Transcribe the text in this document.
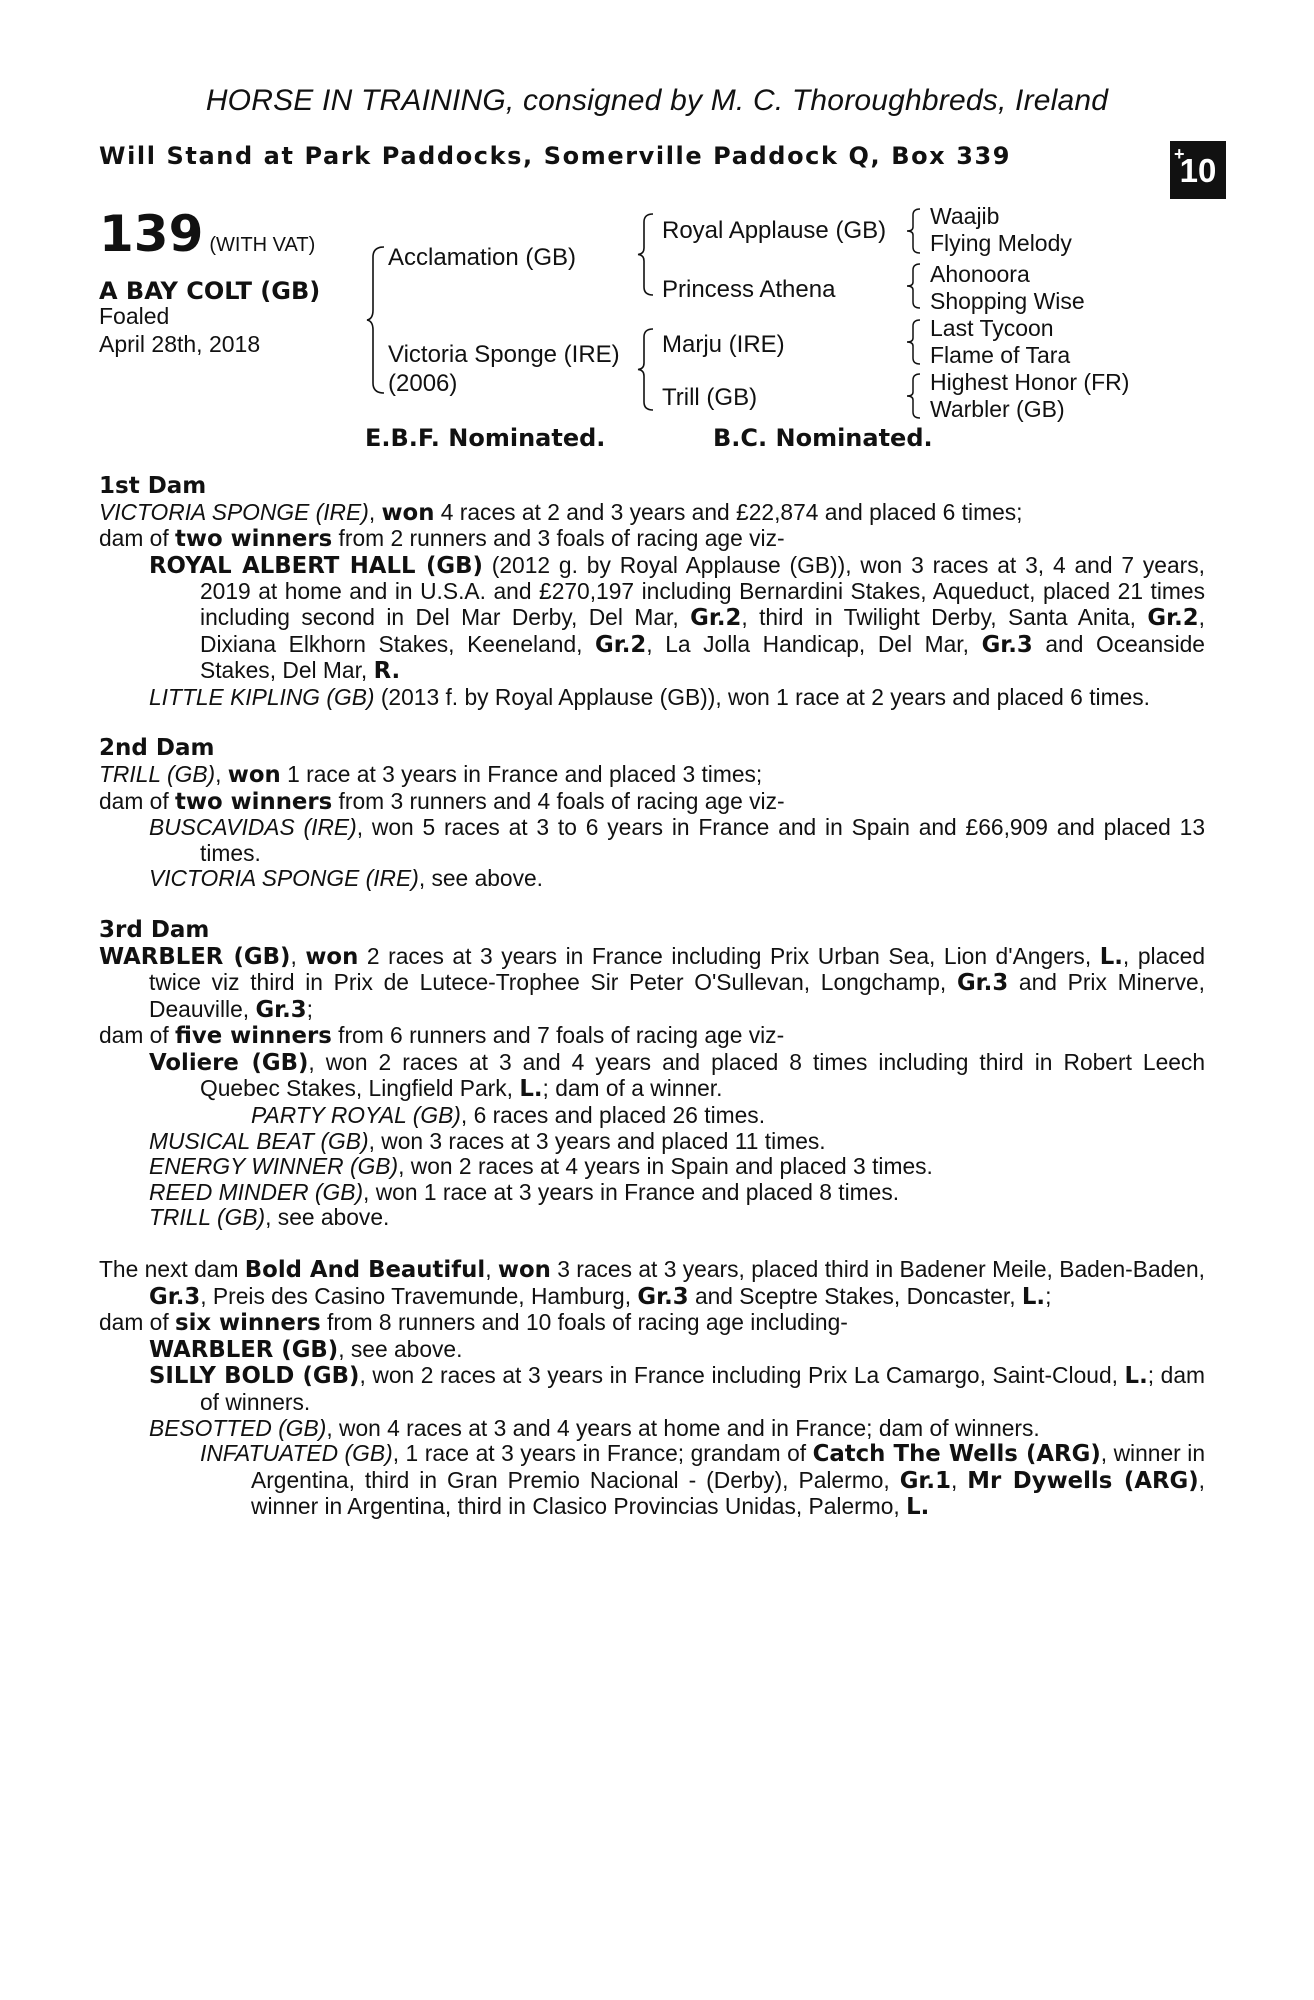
HORSE IN TRAINING, consigned by M. C. Thoroughbreds, Ireland
Will Stand at Park Paddocks, Somerville Paddock Q, Box 339	+
10
139 (WITH VAT)
A BAY COLT (GB)
Foaled
April 28th, 2018
Acclamation (GB)
Victoria Sponge (IRE)
(2006)
Royal Applause (GB)
Princess Athena
Marju (IRE)
Trill (GB)
Waajib
Flying Melody
Ahonoora
Shopping Wise
Last Tycoon
Flame of Tara
Highest Honor (FR)
Warbler (GB)
E.B.F. Nominated.	B.C. Nominated.
1st Dam

VICTORIA SPONGE (IRE), won 4 races at 2 and 3 years and £22,874 and placed 6 times;

dam of two winners from 2 runners and 3 foals of racing age viz-

ROYAL ALBERT HALL (GB) (2012 g. by Royal Applause (GB)), won 3 races at 3, 4 and 7 years, 2019 at home and in U.S.A. and £270,197 including Bernardini Stakes, Aqueduct, placed 21 times including second in Del Mar Derby, Del Mar, Gr.2, third in Twilight Derby, Santa Anita, Gr.2, Dixiana Elkhorn Stakes, Keeneland, Gr.2, La Jolla Handicap, Del Mar, Gr.3 and Oceanside Stakes, Del Mar, R.

LITTLE KIPLING (GB) (2013 f. by Royal Applause (GB)), won 1 race at 2 years and placed 6 times.

2nd Dam

TRILL (GB), won 1 race at 3 years in France and placed 3 times;

dam of two winners from 3 runners and 4 foals of racing age viz-

BUSCAVIDAS (IRE), won 5 races at 3 to 6 years in France and in Spain and £66,909 and placed 13 times.

VICTORIA SPONGE (IRE), see above.

3rd Dam

WARBLER (GB), won 2 races at 3 years in France including Prix Urban Sea, Lion d'Angers, L., placed twice viz third in Prix de Lutece-Trophee Sir Peter O'Sullevan, Longchamp, Gr.3 and Prix Minerve, Deauville, Gr.3;

dam of five winners from 6 runners and 7 foals of racing age viz-

Voliere (GB), won 2 races at 3 and 4 years and placed 8 times including third in Robert Leech Quebec Stakes, Lingfield Park, L.; dam of a winner.

PARTY ROYAL (GB), 6 races and placed 26 times.

MUSICAL BEAT (GB), won 3 races at 3 years and placed 11 times.

ENERGY WINNER (GB), won 2 races at 4 years in Spain and placed 3 times.

REED MINDER (GB), won 1 race at 3 years in France and placed 8 times.

TRILL (GB), see above.

The next dam Bold And Beautiful, won 3 races at 3 years, placed third in Badener Meile, Baden-Baden, Gr.3, Preis des Casino Travemunde, Hamburg, Gr.3 and Sceptre Stakes, Doncaster, L.;

dam of six winners from 8 runners and 10 foals of racing age including-

WARBLER (GB), see above.

SILLY BOLD (GB), won 2 races at 3 years in France including Prix La Camargo, Saint-Cloud, L.; dam of winners.

BESOTTED (GB), won 4 races at 3 and 4 years at home and in France; dam of winners.

INFATUATED (GB), 1 race at 3 years in France; grandam of Catch The Wells (ARG), winner in Argentina, third in Gran Premio Nacional - (Derby), Palermo, Gr.1, Mr Dywells (ARG), winner in Argentina, third in Clasico Provincias Unidas, Palermo, L.
